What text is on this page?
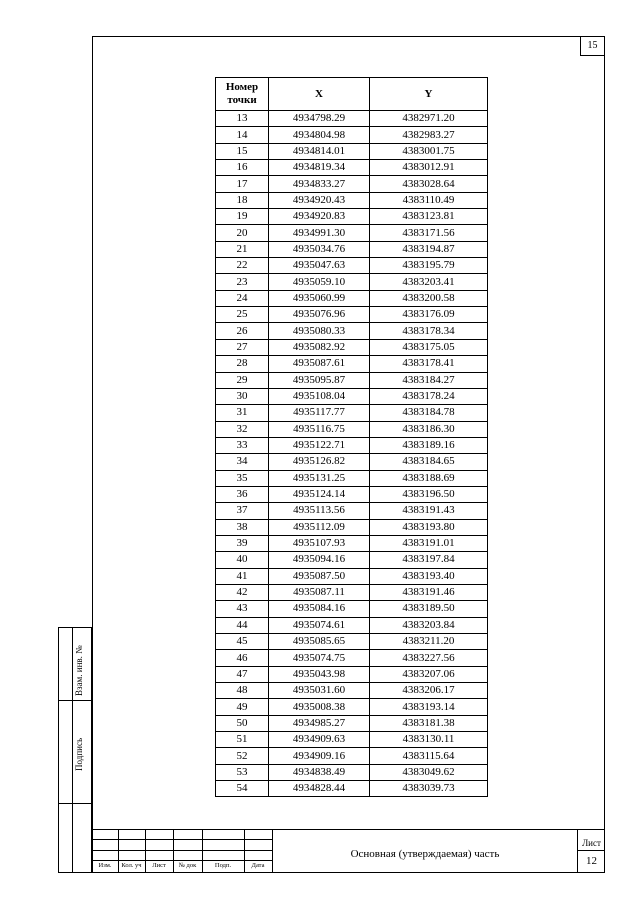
15
Взам. инв. №
Подпись
Номер точки	X	Y
13	4934798.29	4382971.20
14	4934804.98	4382983.27
15	4934814.01	4383001.75
16	4934819.34	4383012.91
17	4934833.27	4383028.64
18	4934920.43	4383110.49
19	4934920.83	4383123.81
20	4934991.30	4383171.56
21	4935034.76	4383194.87
22	4935047.63	4383195.79
23	4935059.10	4383203.41
24	4935060.99	4383200.58
25	4935076.96	4383176.09
26	4935080.33	4383178.34
27	4935082.92	4383175.05
28	4935087.61	4383178.41
29	4935095.87	4383184.27
30	4935108.04	4383178.24
31	4935117.77	4383184.78
32	4935116.75	4383186.30
33	4935122.71	4383189.16
34	4935126.82	4383184.65
35	4935131.25	4383188.69
36	4935124.14	4383196.50
37	4935113.56	4383191.43
38	4935112.09	4383193.80
39	4935107.93	4383191.01
40	4935094.16	4383197.84
41	4935087.50	4383193.40
42	4935087.11	4383191.46
43	4935084.16	4383189.50
44	4935074.61	4383203.84
45	4935085.65	4383211.20
46	4935074.75	4383227.56
47	4935043.98	4383207.06
48	4935031.60	4383206.17
49	4935008.38	4383193.14
50	4934985.27	4383181.38
51	4934909.63	4383130.11
52	4934909.16	4383115.64
53	4934838.49	4383049.62
54	4934828.44	4383039.73
Изм.	Кол. уч	Лист	№ док	Подп.	Дата
Основная (утверждаемая) часть
Лист
12
